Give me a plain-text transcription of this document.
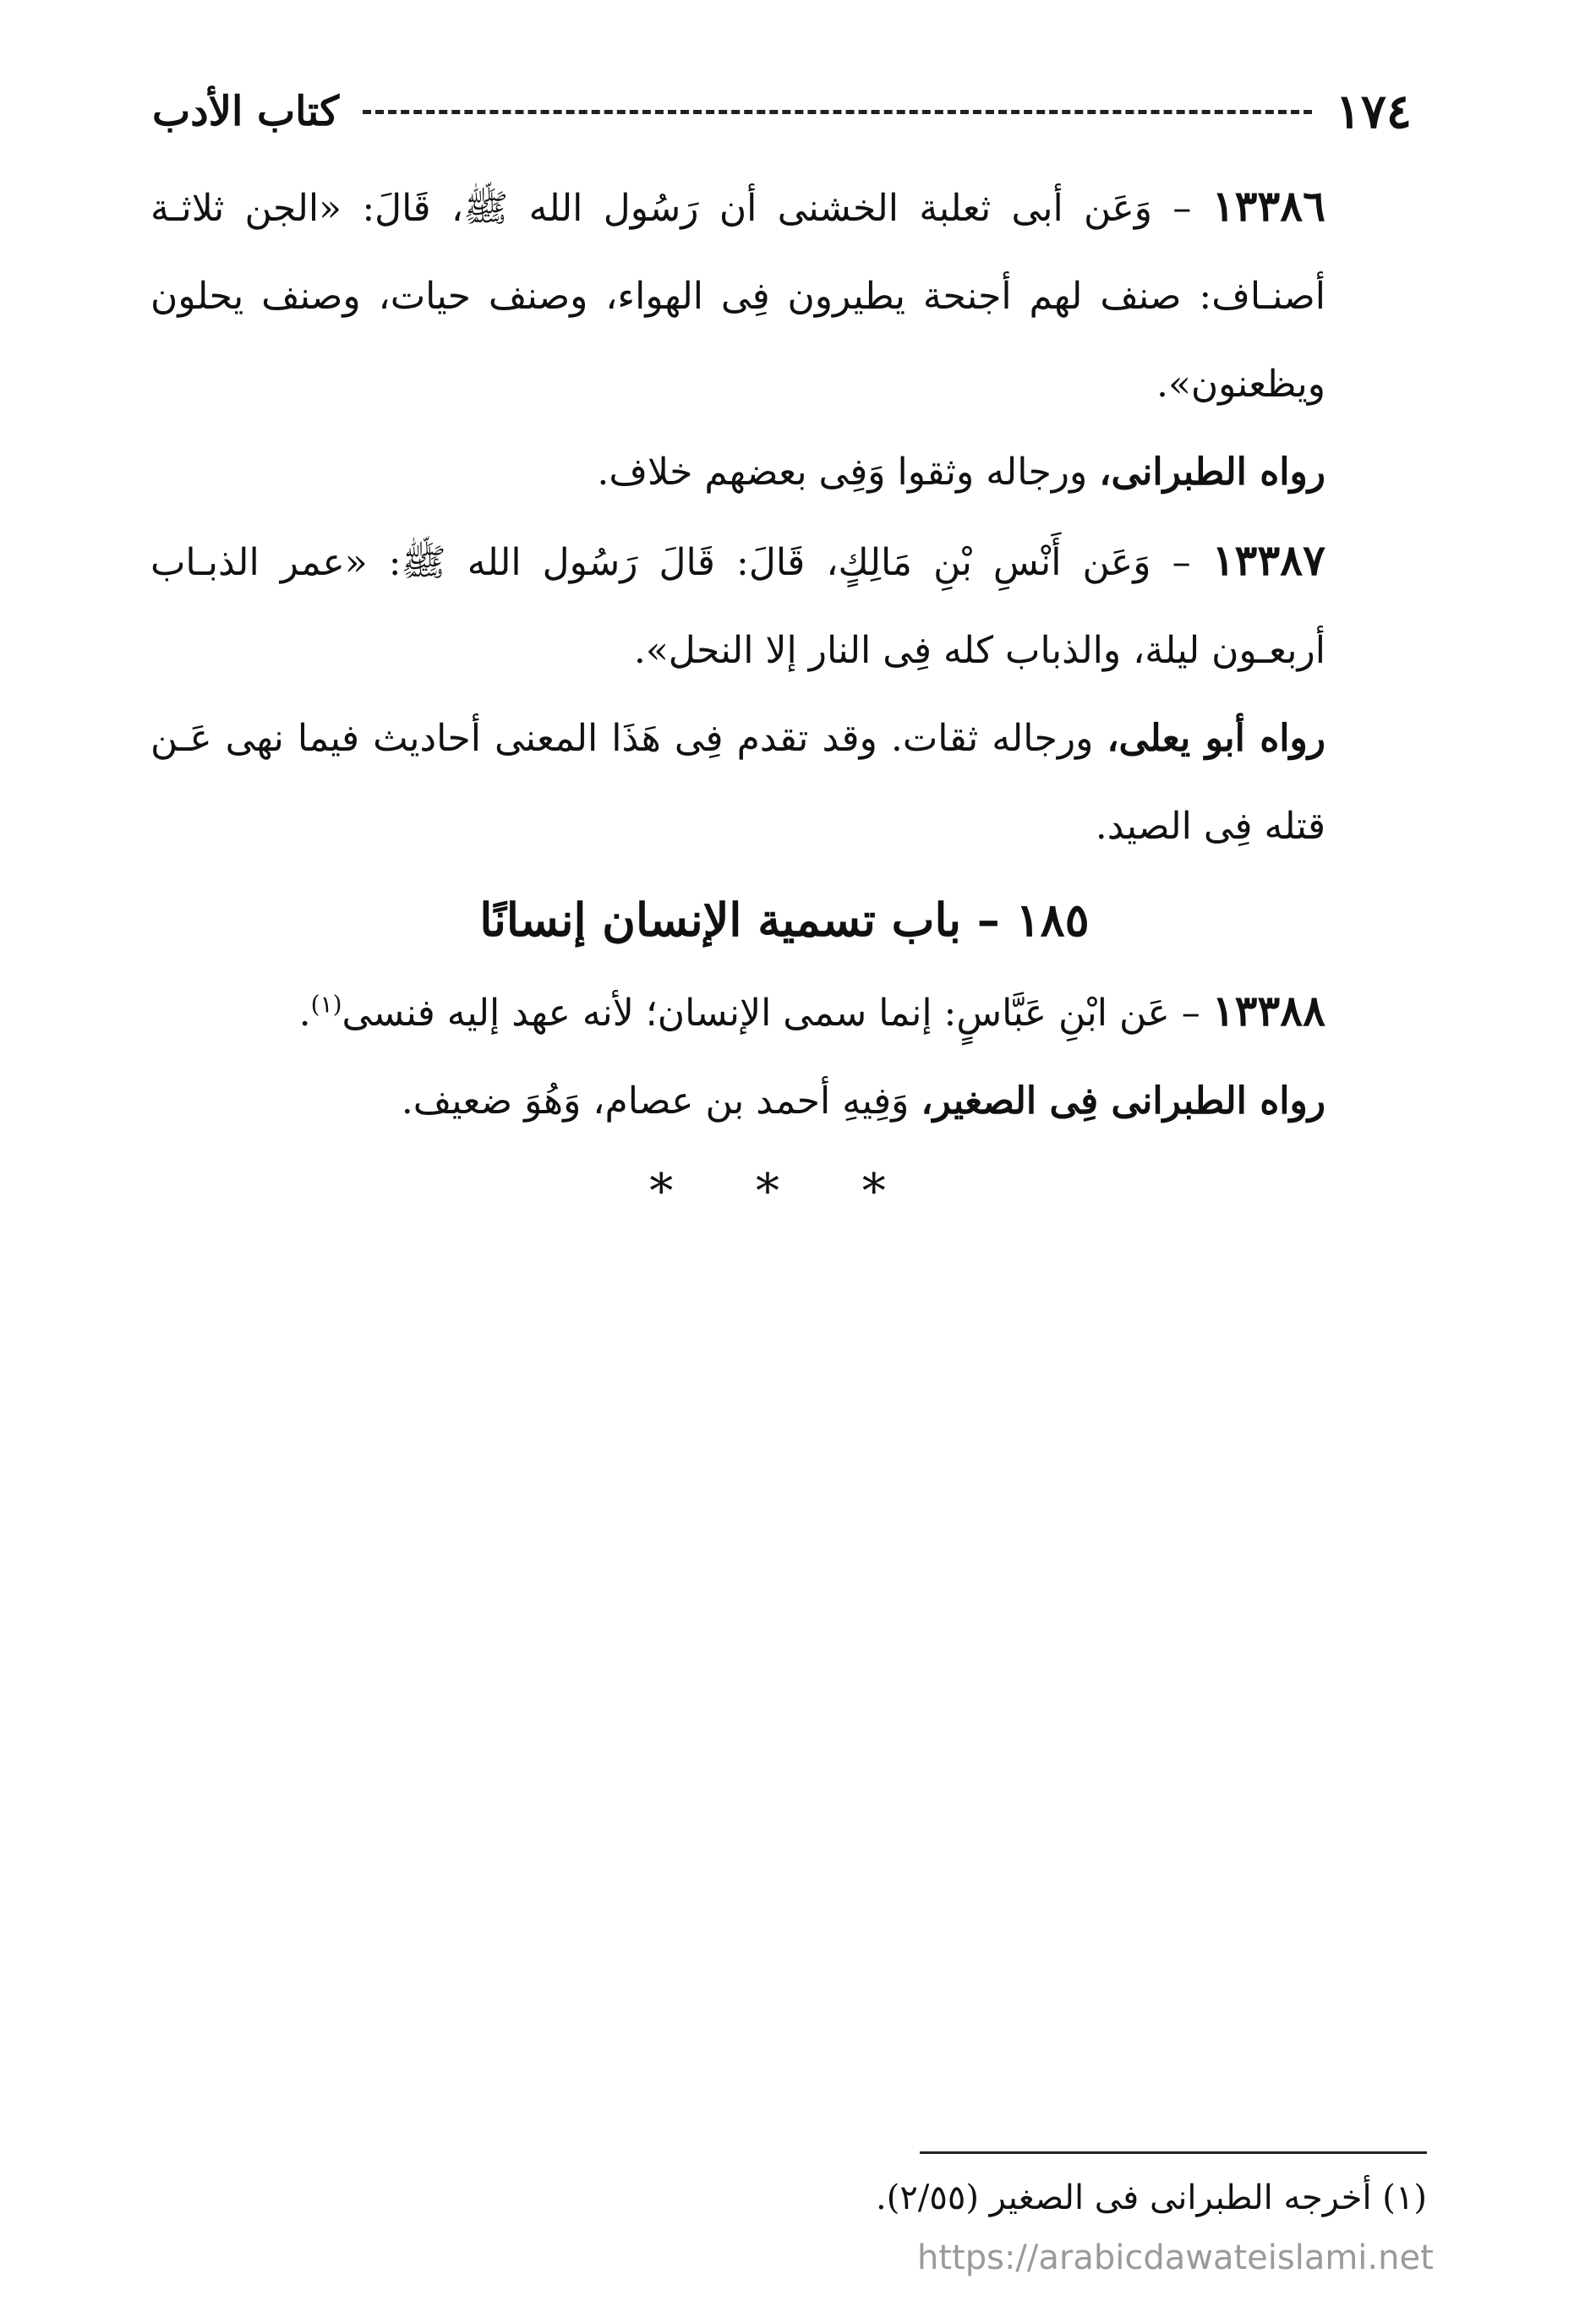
١٧٤
كتاب الأدب

١٣٣٨٦ – وَعَن أبى ثعلبة الخشنى أن رَسُول الله ﷺ، قَالَ: «الجن ثلاثـة أصنـاف: صنف لهم أجنحة يطيرون فِى الهواء، وصنف حيات، وصنف يحلون ويظعنون».

رواه الطبرانى، ورجاله وثقوا وَفِى بعضهم خلاف.

١٣٣٨٧ – وَعَن أَنْسِ بْنِ مَالِكٍ، قَالَ: قَالَ رَسُول الله ﷺ: «عمر الذبـاب أربعـون ليلة، والذباب كله فِى النار إلا النحل».

رواه أبو يعلى، ورجاله ثقات. وقد تقدم فِى هَذَا المعنى أحاديث فيما نهى عَـن قتله فِى الصيد.

١٨٥ – باب تسمية الإنسان إنسانًا

١٣٣٨٨ – عَن ابْنِ عَبَّاسٍ: إنما سمى الإنسان؛ لأنه عهد إليه فنسى$^{(١)}$.

رواه الطبرانى فِى الصغير، وَفِيهِ أحمد بن عصام، وَهُوَ ضعيف.

* * *
(١) أخرجه الطبرانى فى الصغير (٢/٥٥).
https://arabicdawateislami.net
